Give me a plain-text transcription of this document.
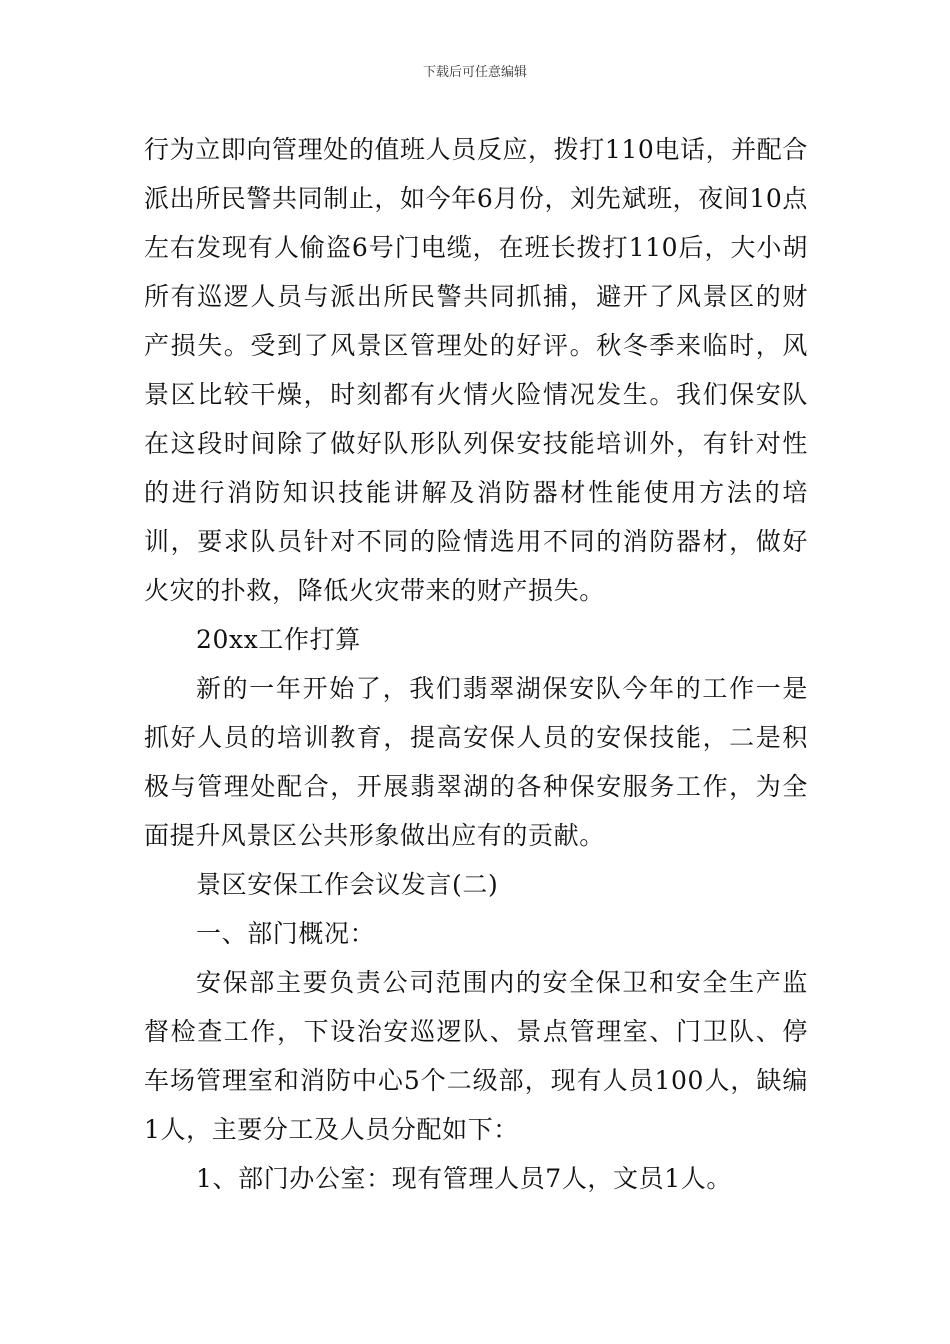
下载后可任意编辑

行为立即向管理处的值班人员反应，拨打110电话，并配合派出所民警共同制止，如今年6月份，刘先斌班，夜间10点左右发现有人偷盗6号门电缆，在班长拨打110后，大小胡所有巡逻人员与派出所民警共同抓捕，避开了风景区的财产损失。受到了风景区管理处的好评。秋冬季来临时，风景区比较干燥，时刻都有火情火险情况发生。我们保安队在这段时间除了做好队形队列保安技能培训外，有针对性的进行消防知识技能讲解及消防器材性能使用方法的培训，要求队员针对不同的险情选用不同的消防器材，做好火灾的扑救，降低火灾带来的财产损失。

20xx工作打算

新的一年开始了，我们翡翠湖保安队今年的工作一是抓好人员的培训教育，提高安保人员的安保技能，二是积极与管理处配合，开展翡翠湖的各种保安服务工作，为全面提升风景区公共形象做出应有的贡献。

景区安保工作会议发言(二)

一、部门概况：

安保部主要负责公司范围内的安全保卫和安全生产监督检查工作，下设治安巡逻队、景点管理室、门卫队、停车场管理室和消防中心5个二级部，现有人员100人，缺编1人，主要分工及人员分配如下：

1、部门办公室：现有管理人员7人，文员1人。
